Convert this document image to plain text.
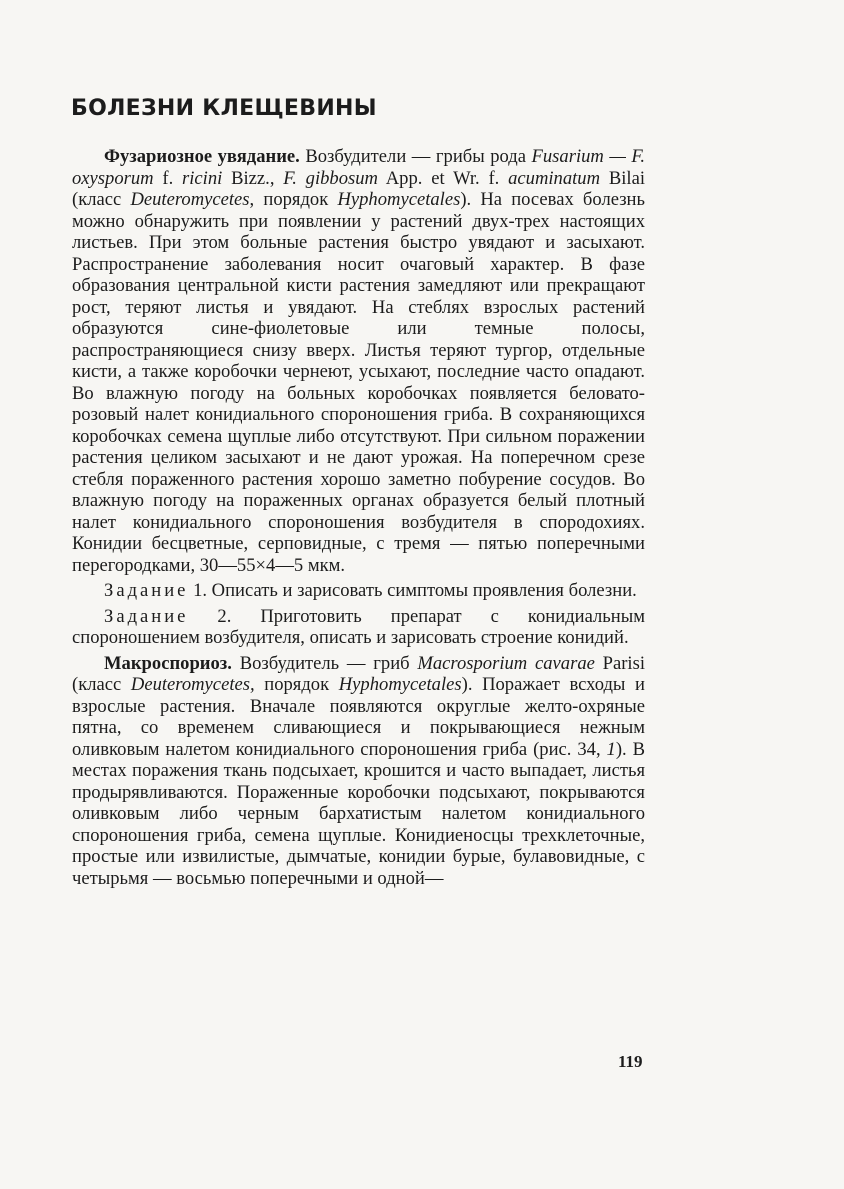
БОЛЕЗНИ КЛЕЩЕВИНЫ

Фузариозное увядание. Возбудители — грибы рода Fusarium — F. oxysporum f. ricini Bizz., F. gibbosum App. et Wr. f. acuminatum Bilai (класс Deuteromycetes, порядок Hyphomycetales). На посевах болезнь можно обнаружить при появлении у растений двух-трех настоящих листьев. При этом больные растения быстро увядают и засыхают. Распространение заболевания носит очаговый характер. В фазе образования центральной кисти растения замедляют или прекращают рост, теряют листья и увядают. На стеблях взрослых растений образуются сине-фиолетовые или темные полосы, распространяющиеся снизу вверх. Листья теряют тургор, отдельные кисти, а также коробочки чернеют, усыхают, последние часто опадают. Во влажную погоду на больных коробочках появляется беловато-розовый налет конидиального спороношения гриба. В сохраняющихся коробочках семена щуплые либо отсутствуют. При сильном поражении растения целиком засыхают и не дают урожая. На поперечном срезе стебля пораженного растения хорошо заметно побурение сосудов. Во влажную погоду на пораженных органах образуется белый плотный налет конидиального спороношения возбудителя в спородохиях. Конидии бесцветные, серповидные, с тремя — пятью поперечными перегородками, 30—55×4—5 мкм.

Задание 1. Описать и зарисовать симптомы проявления болезни.

Задание 2. Приготовить препарат с конидиальным спороношением возбудителя, описать и зарисовать строение конидий.

Макроспориоз. Возбудитель — гриб Macrosporium cavarae Parisi (класс Deuteromycetes, порядок Hyphomycetales). Поражает всходы и взрослые растения. Вначале появляются округлые желто-охряные пятна, со временем сливающиеся и покрывающиеся нежным оливковым налетом конидиального спороношения гриба (рис. 34, 1). В местах поражения ткань подсыхает, крошится и часто выпадает, листья продырявливаются. Пораженные коробочки подсыхают, покрываются оливковым либо черным бархатистым налетом конидиального спороношения гриба, семена щуплые. Конидиеносцы трехклеточные, простые или извилистые, дымчатые, конидии бурые, булавовидные, с четырьмя — восьмью поперечными и одной—

119
